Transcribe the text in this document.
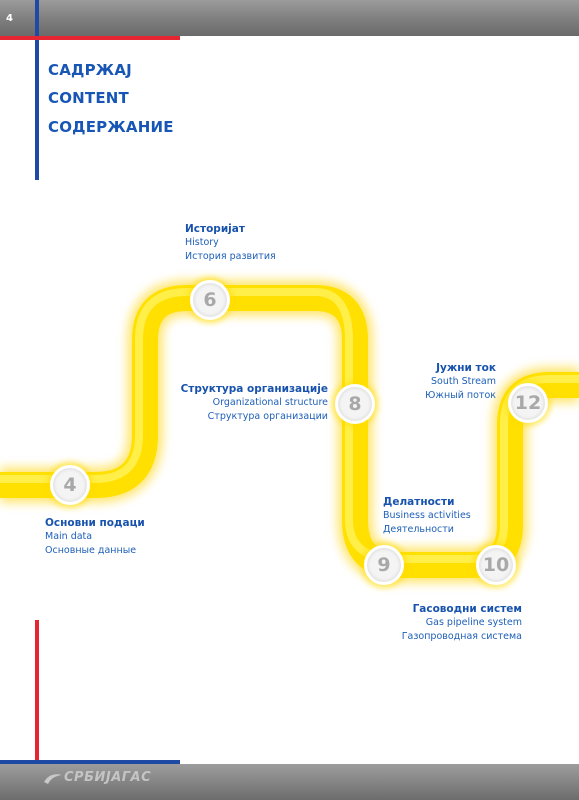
4
САДРЖАЈ
CONTENT
СОДЕРЖАНИЕ
4
6
8
9	10
12
Основни подаци
Main data
Основные данные
Историјат
History
История развития
Структура организације
Organizational structure
Структура организации
Делатности
Business activities
Деятельности
Гасоводни систем
Gas pipeline system
Газопроводная система
Јужни ток
South Stream
Южный поток
СРБИЈАГАС
